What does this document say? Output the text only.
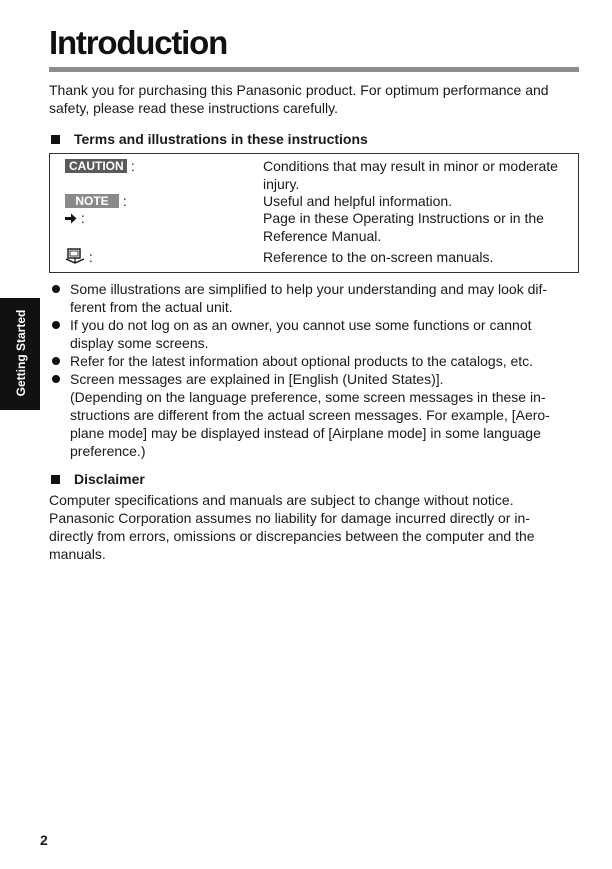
Getting Started
Introduction

Thank you for purchasing this Panasonic product. For optimum performance and
safety, please read these instructions carefully.

Terms and illustrations in these instructions
CAUTION :	Conditions that may result in minor or moderate
injury.
NOTE :	Useful and helpful information.
:	Page in these Operating Instructions or in the
Reference Manual.
:	Reference to the on-screen manuals.
Some illustrations are simplified to help your understanding and may look dif-
ferent from the actual unit.
If you do not log on as an owner, you cannot use some functions or cannot
display some screens.
Refer for the latest information about optional products to the catalogs, etc.
Screen messages are explained in [English (United States)].
(Depending on the language preference, some screen messages in these in-
structions are different from the actual screen messages. For example, [Aero-
plane mode] may be displayed instead of [Airplane mode] in some language
preference.)
Disclaimer

Computer specifications and manuals are subject to change without notice.
Panasonic Corporation assumes no liability for damage incurred directly or in-
directly from errors, omissions or discrepancies between the computer and the
manuals.

2
